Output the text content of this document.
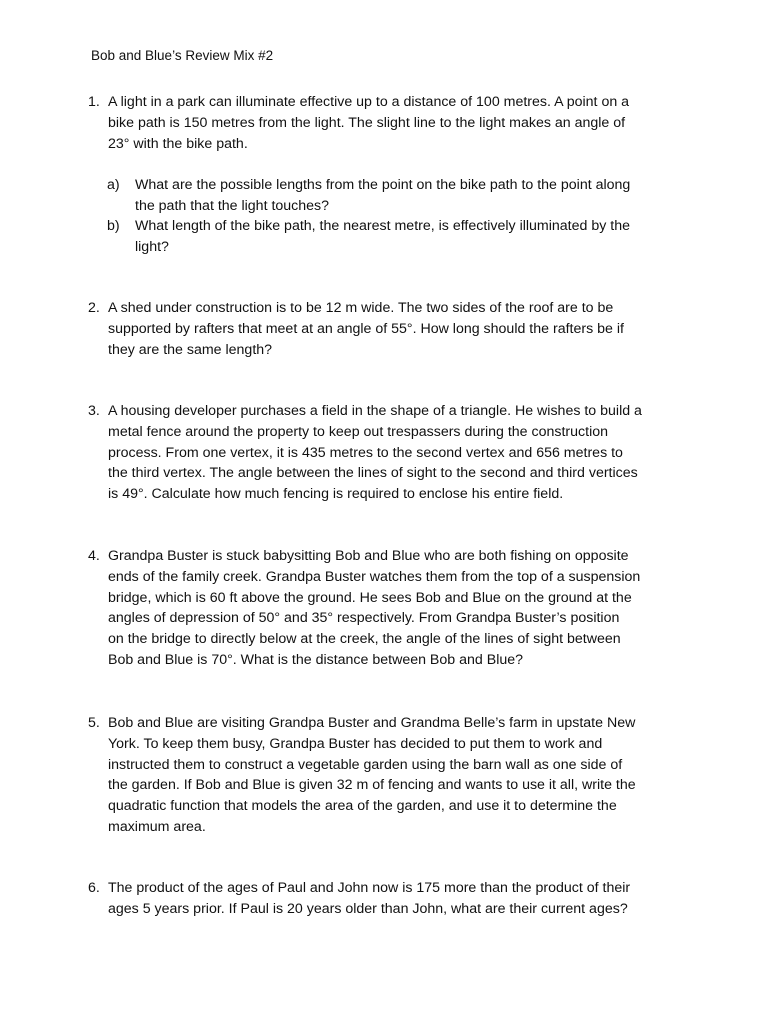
Bob and Blue’s Review Mix #2
1. A light in a park can illuminate effective up to a distance of 100 metres. A point on a
bike path is 150 metres from the light. The slight line to the light makes an angle of
23° with the bike path.
a)	What are the possible lengths from the point on the bike path to the point along
the path that the light touches?
b)	What length of the bike path, the nearest metre, is effectively illuminated by the
light?
2. A shed under construction is to be 12 m wide. The two sides of the roof are to be
supported by rafters that meet at an angle of 55°. How long should the rafters be if
they are the same length?
3. A housing developer purchases a field in the shape of a triangle. He wishes to build a
metal fence around the property to keep out trespassers during the construction
process. From one vertex, it is 435 metres to the second vertex and 656 metres to
the third vertex. The angle between the lines of sight to the second and third vertices
is 49°. Calculate how much fencing is required to enclose his entire field.
4. Grandpa Buster is stuck babysitting Bob and Blue who are both fishing on opposite
ends of the family creek. Grandpa Buster watches them from the top of a suspension
bridge, which is 60 ft above the ground. He sees Bob and Blue on the ground at the
angles of depression of 50° and 35° respectively. From Grandpa Buster’s position
on the bridge to directly below at the creek, the angle of the lines of sight between
Bob and Blue is 70°. What is the distance between Bob and Blue?
5. Bob and Blue are visiting Grandpa Buster and Grandma Belle’s farm in upstate New
York. To keep them busy, Grandpa Buster has decided to put them to work and
instructed them to construct a vegetable garden using the barn wall as one side of
the garden. If Bob and Blue is given 32 m of fencing and wants to use it all, write the
quadratic function that models the area of the garden, and use it to determine the
maximum area.
6. The product of the ages of Paul and John now is 175 more than the product of their
ages 5 years prior. If Paul is 20 years older than John, what are their current ages?
